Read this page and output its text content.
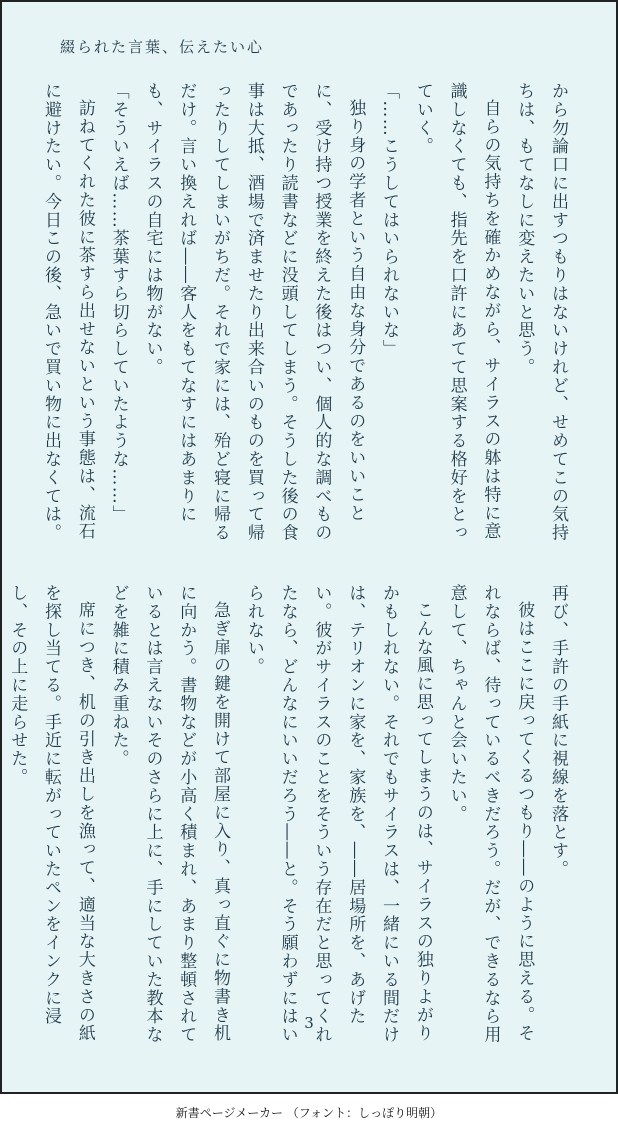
綴られた言葉、伝えたい心

から勿論口に出すつもりはないけれど、せめてこの気持ちは、もてなしに変えたいと思う。

自らの気持ちを確かめながら、サイラスの躰は特に意識しなくても、指先を口許にあてて思案する格好をとっていく。

「……こうしてはいられないな」

独り身の学者という自由な身分であるのをいいことに、受け持つ授業を終えた後はつい、個人的な調べものであったり読書などに没頭してしまう。そうした後の食事は大抵、酒場で済ませたり出来合いのものを買って帰ったりしてしまいがちだ。それで家には、殆ど寝に帰るだけ。言い換えれば――客人をもてなすにはあまりにも、サイラスの自宅には物がない。

「そういえば……茶葉すら切らしていたような……」

訪ねてくれた彼に茶すら出せないという事態は、流石に避けたい。今日この後、急いで買い物に出なくては。

再び、手許の手紙に視線を落とす。

彼はここに戻ってくるつもり――のように思える。それならば、待っているべきだろう。だが、できるなら用意して、ちゃんと会いたい。

こんな風に思ってしまうのは、サイラスの独りよがりかもしれない。それでもサイラスは、一緒にいる間だけは、テリオンに家を、家族を、――居場所を、あげたい。彼がサイラスのことをそういう存在だと思ってくれたなら、どんなにいいだろう――と。そう願わずにはいられない。

急ぎ扉の鍵を開けて部屋に入り、真っ直ぐに物書き机に向かう。書物などが小高く積まれ、あまり整頓されているとは言えないそのさらに上に、手にしていた教本などを雑に積み重ねた。

席につき、机の引き出しを漁って、適当な大きさの紙を探し当てる。手近に転がっていたペンをインクに浸し、その上に走らせた。

3
新書ページメーカー （フォント：しっぽり明朝）
